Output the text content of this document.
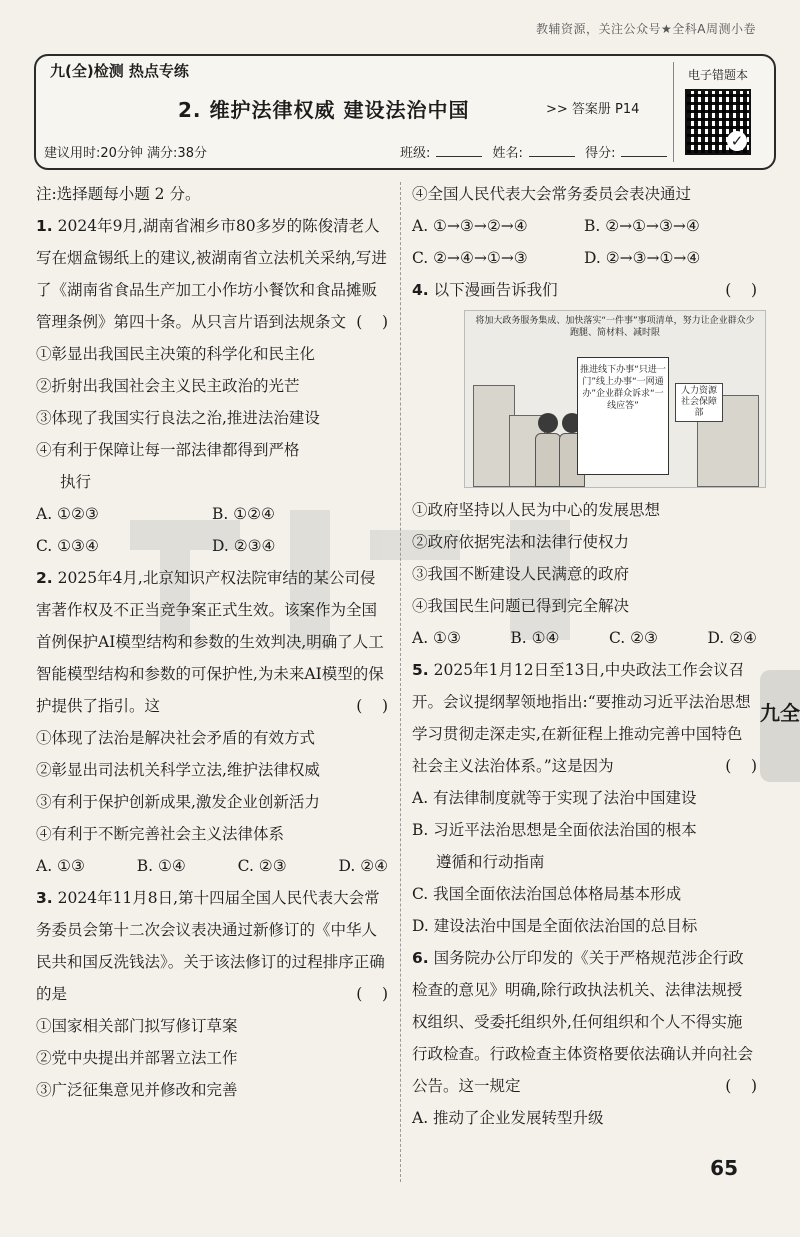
教辅资源，关注公众号★全科A周测小卷
九(全)检测 热点专练
2. 维护法律权威 建设法治中国	>> 答案册 P14
建议用时:20分钟 满分:38分	班级:	姓名:	得分:
电子错题本
✓

注:选择题每小题 2 分。

1. 2024年9月,湖南省湘乡市80多岁的陈俊清老人写在烟盒锡纸上的建议,被湖南省立法机关采纳,写进了《湖南省食品生产加工小作坊小餐饮和食品摊贩管理条例》第四十条。从只言片语到法规条文 (    )

①彰显出我国民主决策的科学化和民主化

②折射出我国社会主义民主政治的光芒

③体现了我国实行良法之治,推进法治建设

④有利于保障让每一部法律都得到严格

执行

A. ①②③	B. ①②④
C. ①③④	D. ②③④

2. 2025年4月,北京知识产权法院审结的某公司侵害著作权及不正当竞争案正式生效。该案作为全国首例保护AI模型结构和参数的生效判决,明确了人工智能模型结构和参数的可保护性,为未来AI模型的保护提供了指引。这	(    )

①体现了法治是解决社会矛盾的有效方式

②彰显出司法机关科学立法,维护法律权威

③有利于保护创新成果,激发企业创新活力

④有利于不断完善社会主义法律体系

A. ①③	B. ①④	C. ②③	D. ②④

3. 2024年11月8日,第十四届全国人民代表大会常务委员会第十二次会议表决通过新修订的《中华人民共和国反洗钱法》。关于该法修订的过程排序正确的是	(    )

①国家相关部门拟写修订草案

②党中央提出并部署立法工作

③广泛征集意见并修改和完善

④全国人民代表大会常务委员会表决通过

A. ①→③→②→④	B. ②→①→③→④
C. ②→④→①→③	D. ②→③→①→④

4. 以下漫画告诉我们	(    )

将加大政务服务集成、加快落实“一件事”事项清单，努力让企业群众少跑腿、简材料、减时限
人力资源社会保障部
推进线下办事“只进一门”线上办事“一网通办”企业群众诉求“一线应答”

①政府坚持以人民为中心的发展思想

②政府依据宪法和法律行使权力

③我国不断建设人民满意的政府

④我国民生问题已得到完全解决

A. ①③	B. ①④	C. ②③	D. ②④

5. 2025年1月12日至13日,中央政法工作会议召开。会议提纲挈领地指出:“要推动习近平法治思想学习贯彻走深走实,在新征程上推动完善中国特色社会主义法治体系。”这是因为	(    )

A. 有法律制度就等于实现了法治中国建设

B. 习近平法治思想是全面依法治国的根本

遵循和行动指南

C. 我国全面依法治国总体格局基本形成

D. 建设法治中国是全面依法治国的总目标

6. 国务院办公厅印发的《关于严格规范涉企行政检查的意见》明确,除行政执法机关、法律法规授权组织、受委托组织外,任何组织和个人不得实施行政检查。行政检查主体资格要依法确认并向社会公告。这一规定	(    )

A. 推动了企业发展转型升级

九全
65
